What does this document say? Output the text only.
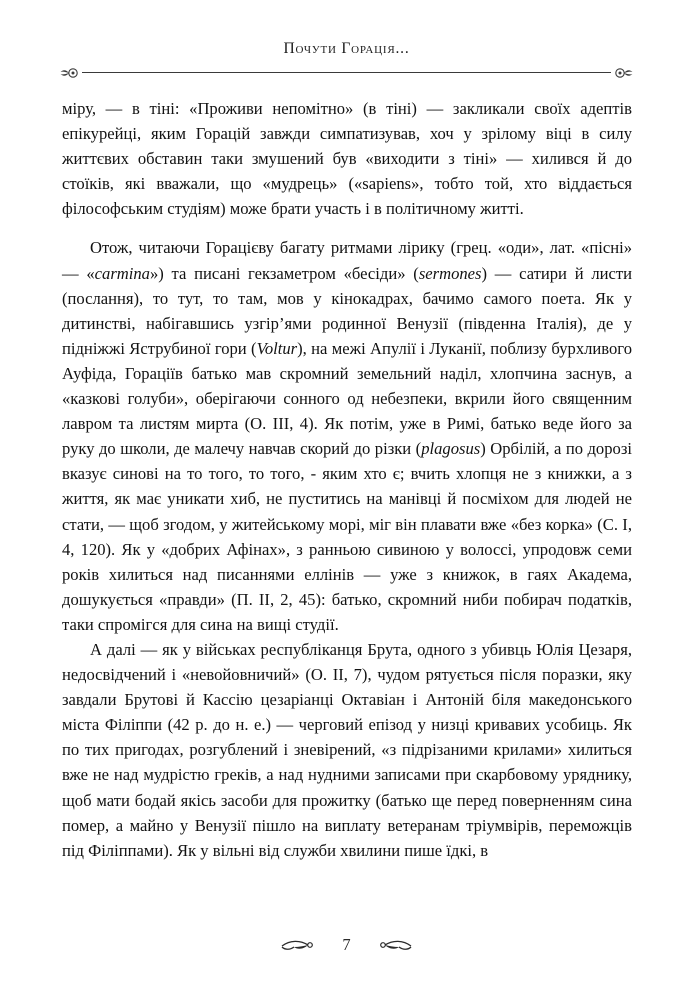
Почути Горація...

міру, — в тіні: «Проживи непомітно» (в тіні) — закликали своїх адептів епікурейці, яким Горацій завжди симпатизував, хоч у зрілому віці в силу життєвих обставин таки змушений був «виходити з тіні» — хилився й до стоїків, які вважали, що «мудрець» («sapiens», тобто той, хто віддається філософським студіям) може брати участь і в політичному житті.

Отож, читаючи Горацієву багату ритмами лірику (грец. «оди», лат. «пісні» — «carmina») та писані гекзаметром «бесіди» (sermones) — сатири й листи (послання), то тут, то там, мов у кінокадрах, бачимо самого поета. Як у дитинстві, набігавшись узгір’ями родинної Венузії (південна Італія), де у підніжжі Яструбиної гори (Voltur), на межі Апулії і Луканії, поблизу бурхливого Ауфіда, Горацiїв батько мав скромний земельний наділ, хлопчина заснув, а «казкові голуби», оберігаючи сонного од небезпеки, вкрили його священним лавром та листям мирта (О. III, 4). Як потім, уже в Римі, батько веде його за руку до школи, де малечу навчав скорий до різки (plagosus) Орбілій, а по дорозі вказує синові на то того, то того, - яким хто є; вчить хлопця не з книжки, а з життя, як має уникати хиб, не пуститись на манівці й посміхом для людей не стати, — щоб згодом, у житейському морі, міг він плавати вже «без корка» (С. I, 4, 120). Як у «добрих Афінах», з ранньою сивиною у волоссі, упродовж семи років хилиться над писаннями еллінів — уже з книжок, в гаях Академа, дошукується «правди» (П. II, 2, 45): батько, скромний ниби побирач податків, таки спромігся для сина на вищі студії.

А далі — як у військах республіканця Брута, одного з убивць Юлія Цезаря, недосвідчений і «невойовничий» (О. II, 7), чудом рятується після поразки, яку завдали Брутові й Кассію цезаріанці Октавіан і Антоній біля македонського міста Філіппи (42 р. до н. е.) — черговий епізод у низці кривавих усобиць. Як по тих пригодах, розгублений і зневірений, «з підрізаними крилами» хилиться вже не над мудрістю греків, а над нудними записами при скарбовому уряднику, щоб мати бодай якісь засоби для прожитку (батько ще перед поверненням сина помер, а майно у Венузії пішло на виплату ветеранам тріумвірів, переможців під Філіппами). Як у вільні від служби хвилини пише їдкі, в

7
